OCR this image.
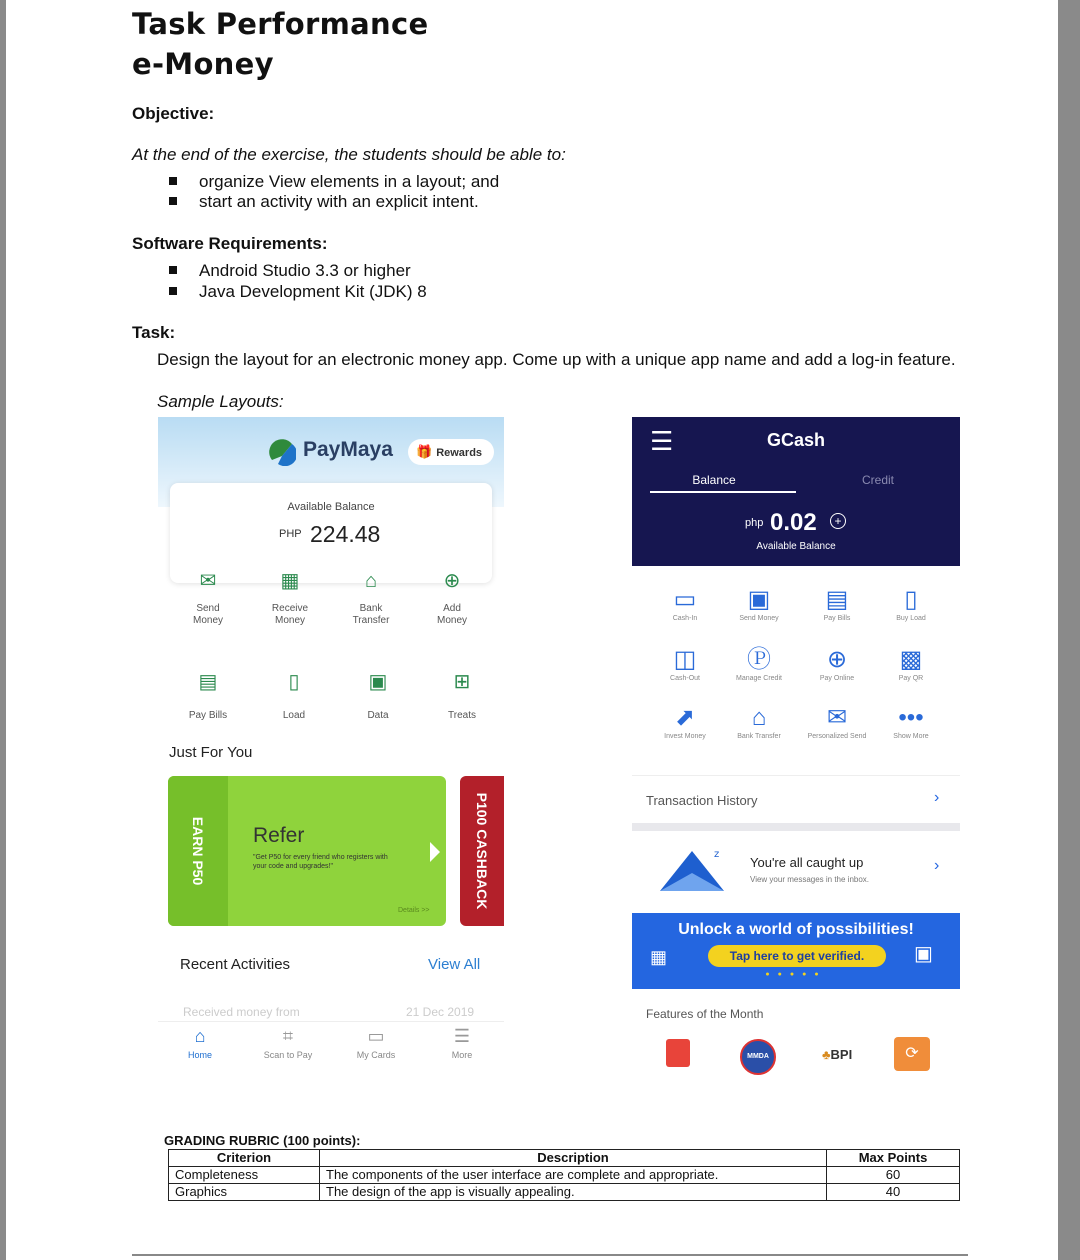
Task Performance
e-Money
Objective:
At the end of the exercise, the students should be able to:
organize View elements in a layout; and
start an activity with an explicit intent.
Software Requirements:
Android Studio 3.3 or higher
Java Development Kit (JDK) 8
Task:
Design the layout for an electronic money app. Come up with a unique app name and add a log-in feature.
Sample Layouts:
PayMaya	🎁 Rewards
Available Balance
PHP 224.48
✉
Send
Money
▦
Receive
Money
⌂
Bank
Transfer
⊕
Add
Money
▤
Pay Bills
▯
Load
▣
Data
⊞
Treats
Just For You
EARN P50 Refer
"Get P50 for every friend who registers with your code and upgrades!"
Details >>
P100 CASHBACK
Recent Activities	View All
Received money from	21 Dec 2019
⌂
Home
⌗
Scan to Pay
▭
My Cards
☰
More
☰	GCash
Balance	Credit
php 0.02	+
Available Balance
▭
Cash-In
▣
Send Money
▤
Pay Bills
▯
Buy Load
◫
Cash-Out
Ⓟ
Manage Credit
⊕
Pay Online
▩
Pay QR
⬈
Invest Money
⌂
Bank Transfer
✉
Personalized Send
•••
Show More
Transaction History	›
z
You're all caught up
View your messages in the inbox.
›
Unlock a world of possibilities!
Tap here to get verified.
▦	▣
●●●●●
Features of the Month
MMDA	♣BPI	⟳
GRADING RUBRIC (100 points):
Criterion	Description	Max Points
Completeness	The components of the user interface are complete and appropriate.	60
Graphics	The design of the app is visually appealing.	40
